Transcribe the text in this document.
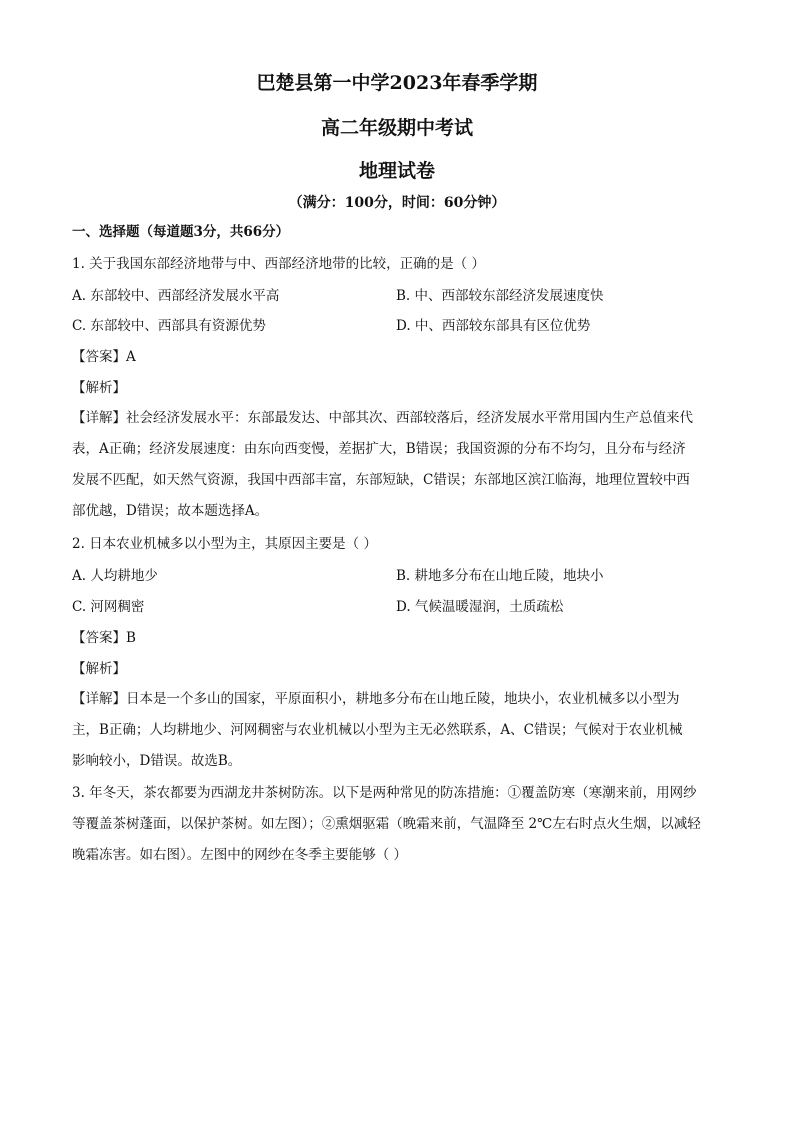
巴楚县第一中学2023年春季学期
高二年级期中考试
地理试卷
（满分：100分，时间：60分钟）
一、选择题（每道题3分，共66分）
1. 关于我国东部经济地带与中、西部经济地带的比较，正确的是（ ）
A. 东部较中、西部经济发展水平高	B. 中、西部较东部经济发展速度快
C. 东部较中、西部具有资源优势	D. 中、西部较东部具有区位优势
【答案】A
【解析】
【详解】社会经济发展水平：东部最发达、中部其次、西部较落后，经济发展水平常用国内生产总值来代
表，A正确；经济发展速度：由东向西变慢，差据扩大，B错误；我国资源的分布不均匀，且分布与经济
发展不匹配，如天然气资源，我国中西部丰富，东部短缺，C错误；东部地区滨江临海，地理位置较中西
部优越，D错误；故本题选择A。
2. 日本农业机械多以小型为主，其原因主要是（ ）
A. 人均耕地少	B. 耕地多分布在山地丘陵，地块小
C. 河网稠密	D. 气候温暖湿润，土质疏松
【答案】B
【解析】
【详解】日本是一个多山的国家，平原面积小，耕地多分布在山地丘陵，地块小，农业机械多以小型为
主，B正确；人均耕地少、河网稠密与农业机械以小型为主无必然联系，A、C错误；气候对于农业机械
影响较小，D错误。故选B。
3. 年冬天，茶农都要为西湖龙井茶树防冻。以下是两种常见的防冻措施：①覆盖防寒（寒潮来前，用网纱
等覆盖茶树蓬面，以保护茶树。如左图）；②熏烟驱霜（晚霜来前，气温降至 2℃左右时点火生烟，以减轻
晚霜冻害。如右图）。左图中的网纱在冬季主要能够（ ）
